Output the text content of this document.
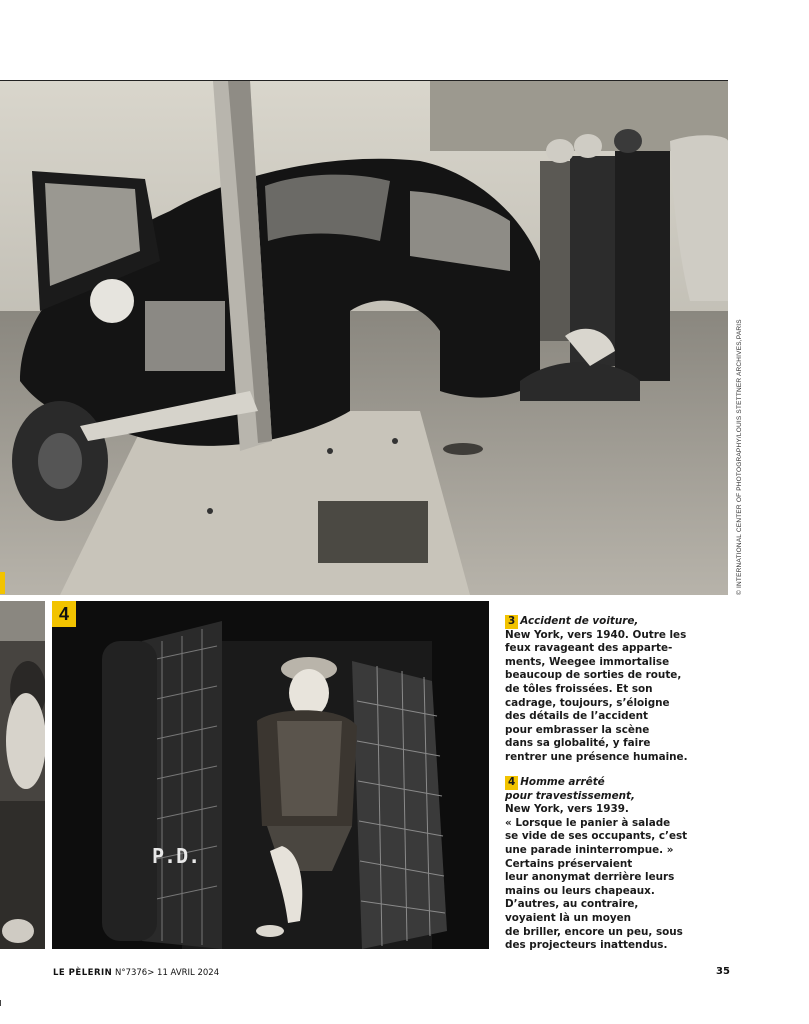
© INTERNATIONAL CENTER OF PHOTOGRAPHY/LOUIS STETTNER ARCHIVES,PARIS
P.D.
4	3 Accident de voiture,
New York, vers 1940. Outre les
feux ravageant des apparte-
ments, Weegee immortalise
beaucoup de sorties de route,
de tôles froissées. Et son
cadrage, toujours, s’éloigne
des détails de l’accident
pour embrasser la scène
dans sa globalité, y faire
rentrer une présence humaine.
4 Homme arrêté
pour travestissement,
New York, vers 1939.
« Lorsque le panier à salade
se vide de ses occupants, c’est
une parade ininterrompue. »
Certains préservaient
leur anonymat derrière leurs
mains ou leurs chapeaux.
D’autres, au contraire,
voyaient là un moyen
de briller, encore un peu, sous
des projecteurs inattendus.
LE PÈLERIN N°7376> 11 AVRIL 2024	35
